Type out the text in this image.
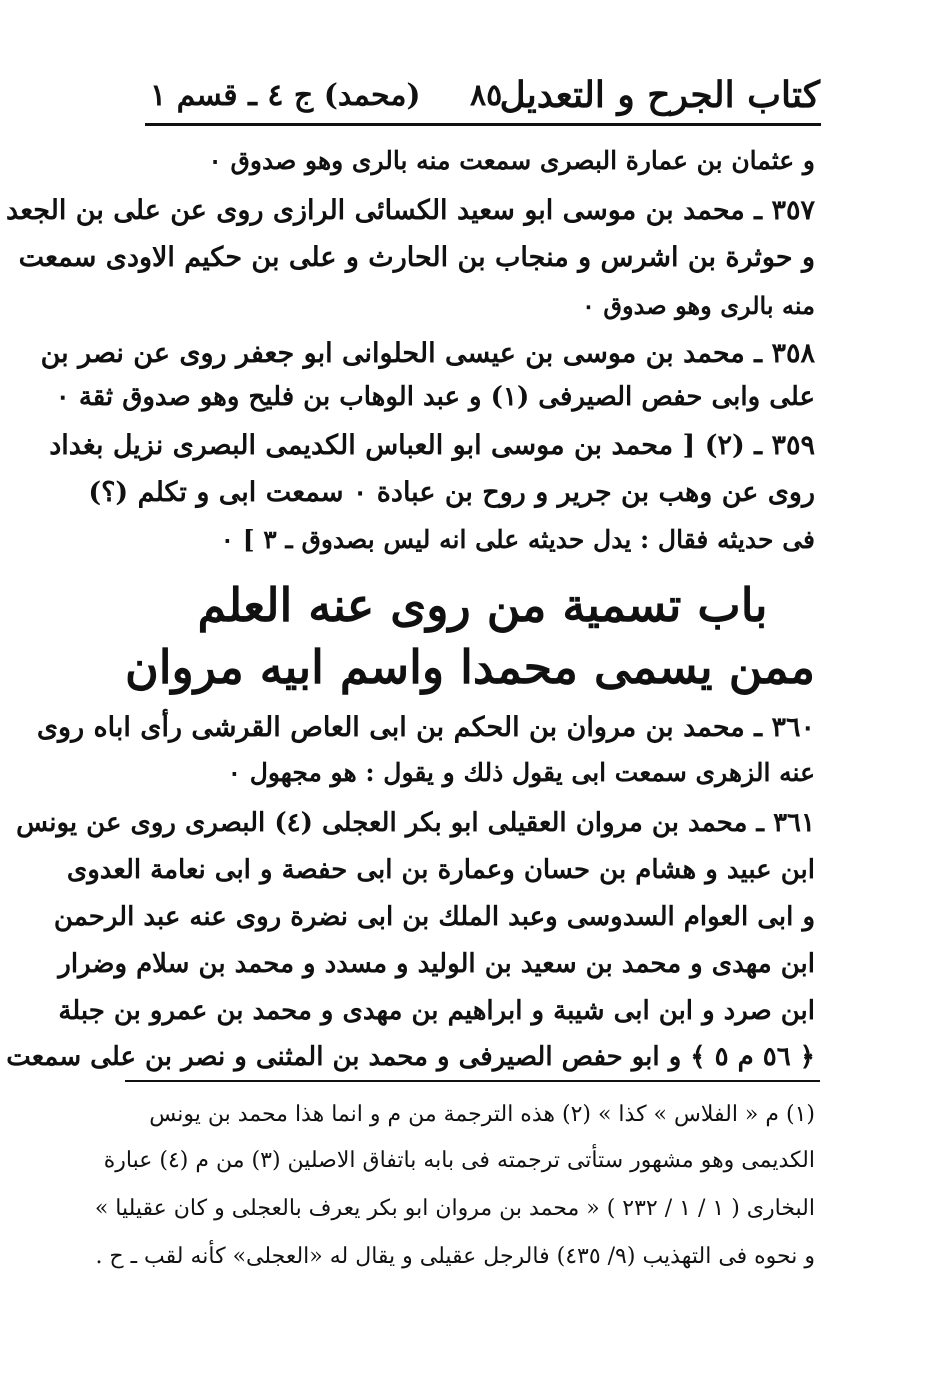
كتاب الجرح و التعديل
٨٥
(محمد) ج ٤ ـ قسم ١
و عثمان بن عمارة البصرى سمعت منه بالرى وهو صدوق ٠
٣٥٧ ـ محمد بن موسى ابو سعيد الكسائى الرازى روى عن على بن الجعد
و حوثرة بن اشرس و منجاب بن الحارث و على بن حكيم الاودى سمعت
منه بالرى وهو صدوق ٠
٣٥٨ ـ محمد بن موسى بن عيسى الحلوانى ابو جعفر روى عن نصر بن
على وابى حفص الصيرفى (١) و عبد الوهاب بن فليح وهو صدوق ثقة ٠
٣٥٩ ـ (٢) [ محمد بن موسى ابو العباس الكديمى البصرى نزيل بغداد
روى عن وهب بن جرير و روح بن عبادة ٠ سمعت ابى و تكلم (؟)
فى حديثه فقال : يدل حديثه على انه ليس بصدوق ـ ٣ ] ٠
باب تسمية من روى عنه العلم
ممن يسمى محمدا واسم ابيه مروان
٣٦٠ ـ محمد بن مروان بن الحكم بن ابى العاص القرشى رأى اباه روى
عنه الزهرى سمعت ابى يقول ذلك و يقول : هو مجهول ٠
٣٦١ ـ محمد بن مروان العقيلى ابو بكر العجلى (٤) البصرى روى عن يونس
ابن عبيد و هشام بن حسان وعمارة بن ابى حفصة و ابى نعامة العدوى
و ابى العوام السدوسى وعبد الملك بن ابى نضرة روى عنه عبد الرحمن
ابن مهدى و محمد بن سعيد بن الوليد و مسدد و محمد بن سلام وضرار
ابن صرد و ابن ابى شيبة و ابراهيم بن مهدى و محمد بن عمرو بن جبلة
﴿ ٥٦ م ٥ ﴾ و ابو حفص الصيرفى و محمد بن المثنى و نصر بن على سمعت
(١) م « الفلاس » كذا » (٢) هذه الترجمة من م و انما هذا محمد بن يونس
الكديمى وهو مشهور ستأتى ترجمته فى بابه باتفاق الاصلين (٣) من م (٤) عبارة
البخارى ( ١ / ١ / ٢٣٢ ) « محمد بن مروان ابو بكر يعرف بالعجلى و كان عقيليا »
و نحوه فى التهذيب (٩/ ٤٣٥) فالرجل عقيلى و يقال له «العجلى» كأنه لقب ـ ح .
